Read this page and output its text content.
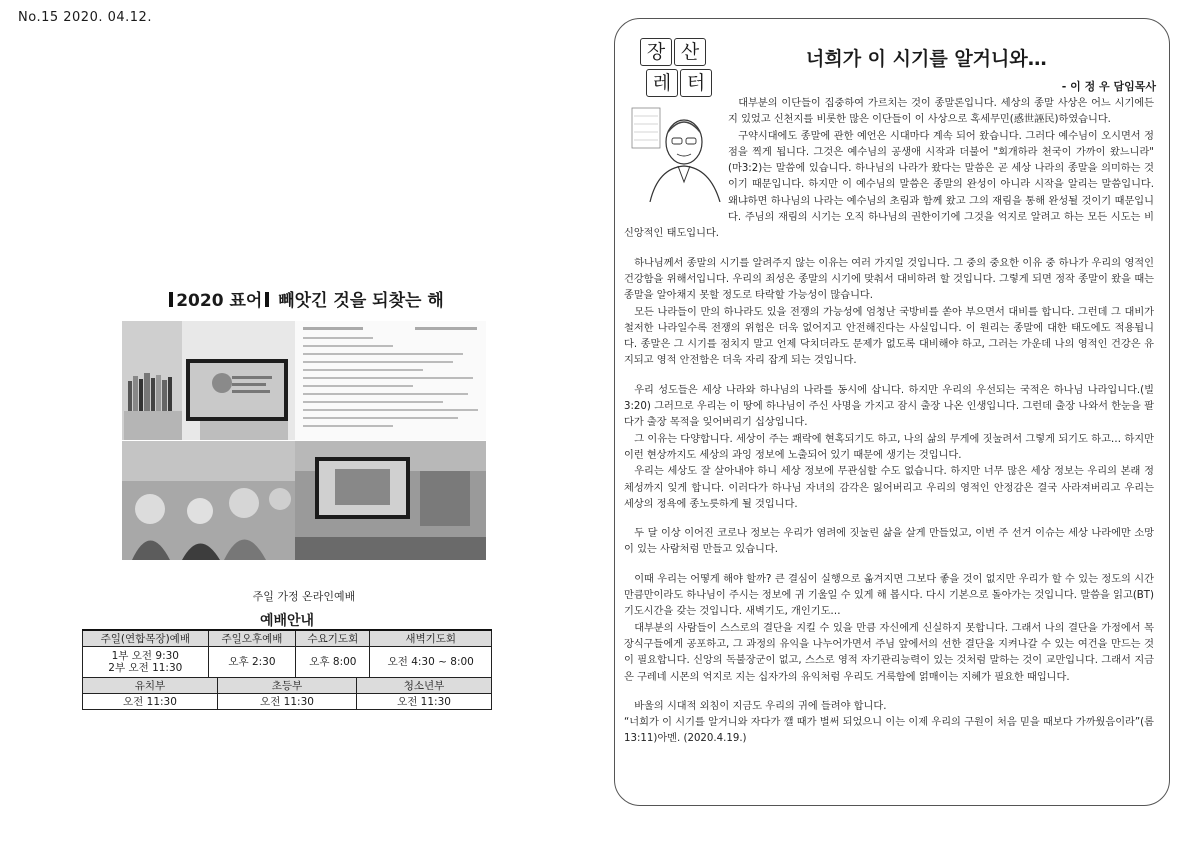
No.15 2020. 04.12.
2020 표어 빼앗긴 것을 되찾는 해
주일 가정 온라인예배
예배안내
주일(연합목장)예배	주일오후예배	수요기도회	새벽기도회

1부 오전 9:30
2부 오전 11:30	오후 2:30	오후 8:00	오전 4:30 ~ 8:00
유치부	초등부	청소년부
오전 11:30	오전 11:30	오전 11:30
장 산
레 터
너희가 이 시기를 알거니와…
- 이 정 우 담임목사

대부분의 이단들이 집중하여 가르치는 것이 종말론입니다. 세상의 종말 사상은 어느 시기에든지 있었고 신천지를 비롯한 많은 이단들이 이 사상으로 혹세무민(惑世誣民)하였습니다.

구약시대에도 종말에 관한 예언은 시대마다 계속 되어 왔습니다. 그러다 예수님이 오시면서 정점을 찍게 됩니다. 그것은 예수님의 공생애 시작과 더불어 "회개하라 천국이 가까이 왔느니라"(마3:2)는 말씀에 있습니다. 하나님의 나라가 왔다는 말씀은 곧 세상 나라의 종말을 의미하는 것이기 때문입니다. 하지만 이 예수님의 말씀은 종말의 완성이 아니라 시작을 알리는 말씀입니다. 왜냐하면 하나님의 나라는 예수님의 초림과 함께 왔고 그의 재림을 통해 완성될 것이기 때문입니다. 주님의 재림의 시기는 오직 하나님의 권한이기에 그것을 억지로 알려고 하는 모든 시도는 비신앙적인 태도입니다.

하나님께서 종말의 시기를 알려주지 않는 이유는 여러 가지일 것입니다. 그 중의 중요한 이유 중 하나가 우리의 영적인 건강함을 위해서입니다. 우리의 죄성은 종말의 시기에 맞춰서 대비하려 할 것입니다. 그렇게 되면 정작 종말이 왔을 때는 종말을 알아채지 못할 정도로 타락할 가능성이 많습니다.

모든 나라들이 만의 하나라도 있을 전쟁의 가능성에 엄청난 국방비를 쏟아 부으면서 대비를 합니다. 그런데 그 대비가 철저한 나라일수록 전쟁의 위험은 더욱 없어지고 안전해진다는 사실입니다. 이 원리는 종말에 대한 태도에도 적용됩니다. 종말은 그 시기를 점치지 말고 언제 닥치더라도 문제가 없도록 대비해야 하고, 그러는 가운데 나의 영적인 건강은 유지되고 영적 안전함은 더욱 자리 잡게 되는 것입니다.

우리 성도들은 세상 나라와 하나님의 나라를 동시에 삽니다. 하지만 우리의 우선되는 국적은 하나님 나라입니다.(빌3:20) 그러므로 우리는 이 땅에 하나님이 주신 사명을 가지고 잠시 출장 나온 인생입니다. 그런데 출장 나와서 한눈을 팔다가 출장 목적을 잊어버리기 십상입니다.

그 이유는 다양합니다. 세상이 주는 쾌락에 현혹되기도 하고, 나의 삶의 무게에 짓눌려서 그렇게 되기도 하고… 하지만 이런 현상까지도 세상의 과잉 정보에 노출되어 있기 때문에 생기는 것입니다.

우리는 세상도 잘 살아내야 하니 세상 정보에 무관심할 수도 없습니다. 하지만 너무 많은 세상 정보는 우리의 본래 정체성까지 잊게 합니다. 이러다가 하나님 자녀의 감각은 잃어버리고 우리의 영적인 안정감은 결국 사라져버리고 우리는 세상의 정욕에 종노릇하게 될 것입니다.

두 달 이상 이어진 코로나 정보는 우리가 염려에 짓눌린 삶을 살게 만들었고, 이번 주 선거 이슈는 세상 나라에만 소망이 있는 사람처럼 만들고 있습니다.

이때 우리는 어떻게 해야 할까? 큰 결심이 실행으로 옮겨지면 그보다 좋을 것이 없지만 우리가 할 수 있는 정도의 시간 만큼만이라도 하나님이 주시는 정보에 귀 기울일 수 있게 해 봅시다. 다시 기본으로 돌아가는 것입니다. 말씀을 읽고(BT) 기도시간을 갖는 것입니다. 새벽기도, 개인기도…

대부분의 사람들이 스스로의 결단을 지킬 수 있을 만큼 자신에게 신실하지 못합니다. 그래서 나의 결단을 가정에서 목장식구들에게 공포하고, 그 과정의 유익을 나누어가면서 주님 앞에서의 선한 결단을 지켜나갈 수 있는 여건을 만드는 것이 필요합니다. 신앙의 독불장군이 없고, 스스로 영적 자기관리능력이 있는 것처럼 말하는 것이 교만입니다. 그래서 지금은 구레네 시몬의 억지로 지는 십자가의 유익처럼 우리도 거룩함에 얽매이는 지혜가 필요한 때입니다.

바울의 시대적 외침이 지금도 우리의 귀에 들려야 합니다.

“너희가 이 시기를 알거니와 자다가 깰 때가 벌써 되었으니 이는 이제 우리의 구원이 처음 믿을 때보다 가까웠음이라”(롬13:11)아멘. (2020.4.19.)
